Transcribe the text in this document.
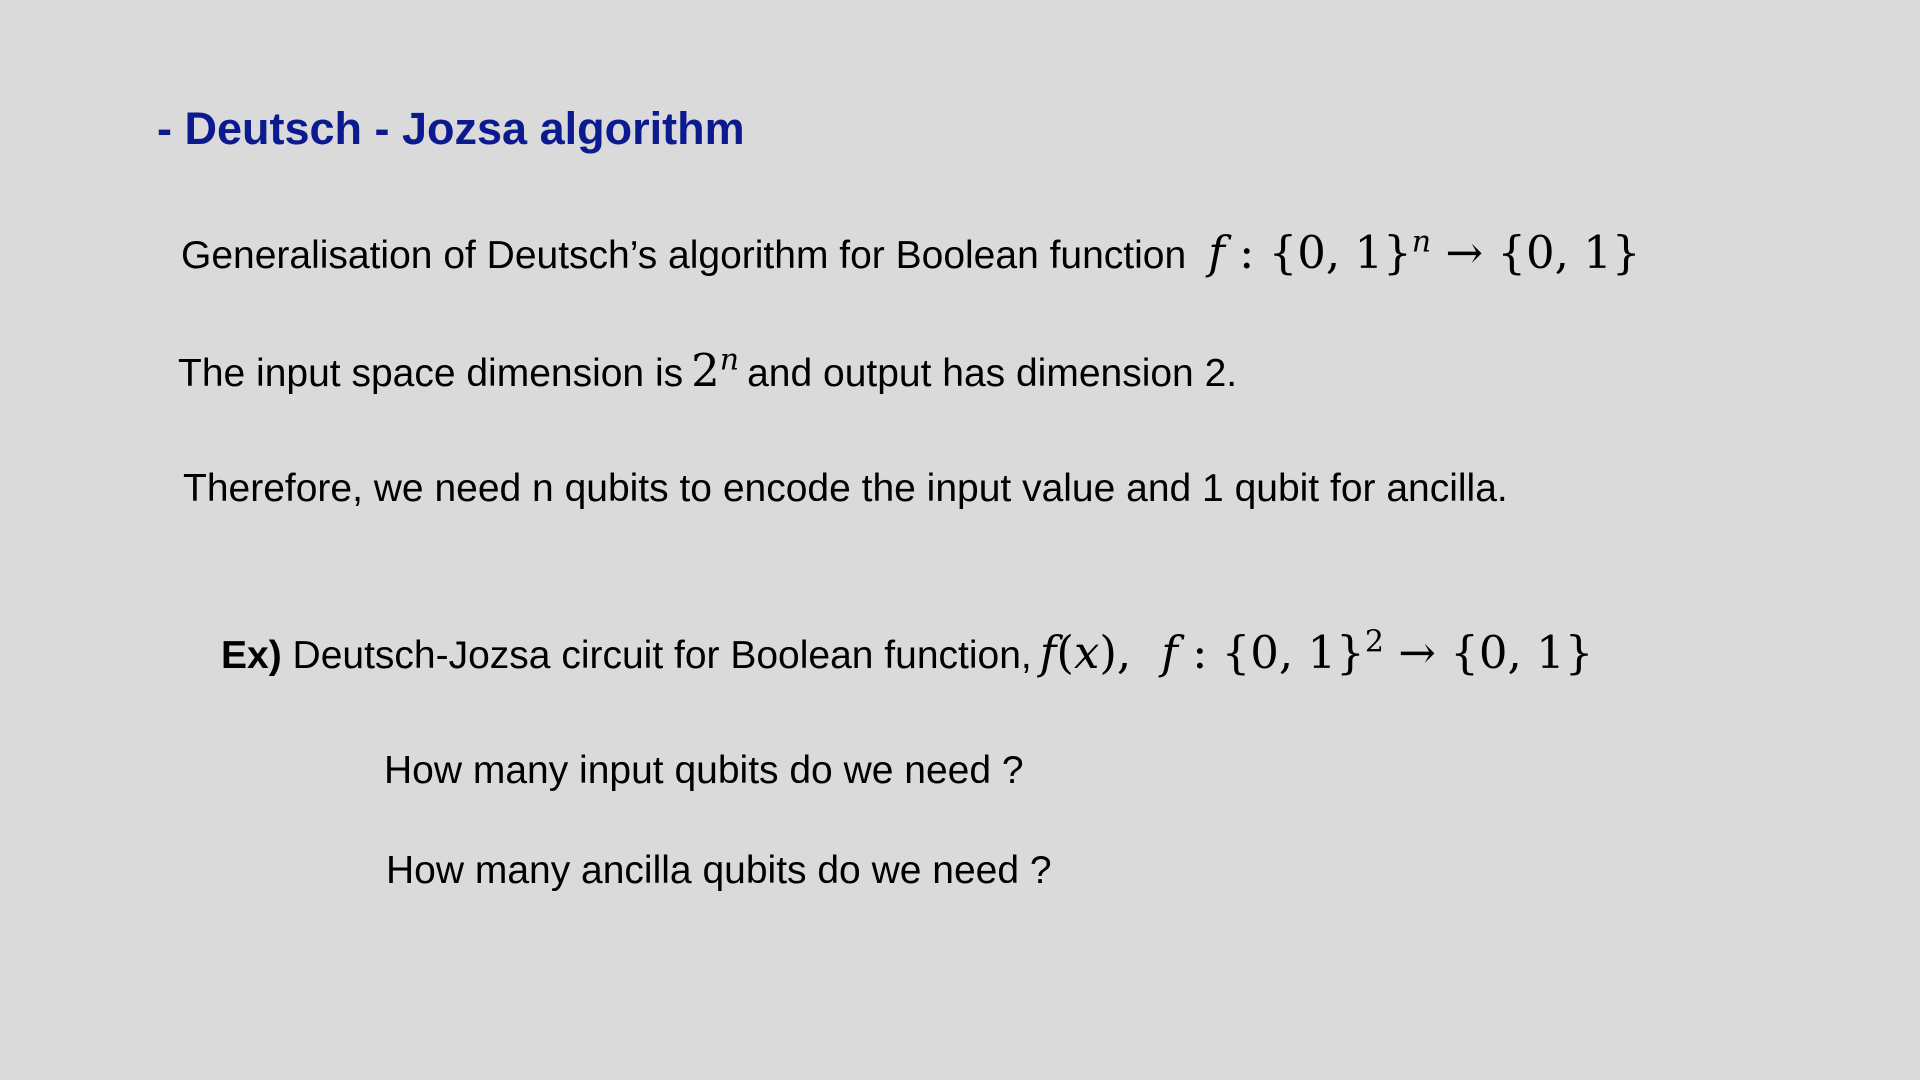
- Deutsch - Jozsa algorithm
Generalisation of Deutsch’s algorithm for Boolean function f : {0, 1}$^n$ → {0, 1}
The input space dimension is 2$^n$ and output has dimension 2.
Therefore, we need n qubits to encode the input value and 1 qubit for ancilla.
Ex) Deutsch-Jozsa circuit for Boolean function, f(x), f : {0, 1}$^2$ → {0, 1}
How many input qubits do we need ?
How many ancilla qubits do we need ?
